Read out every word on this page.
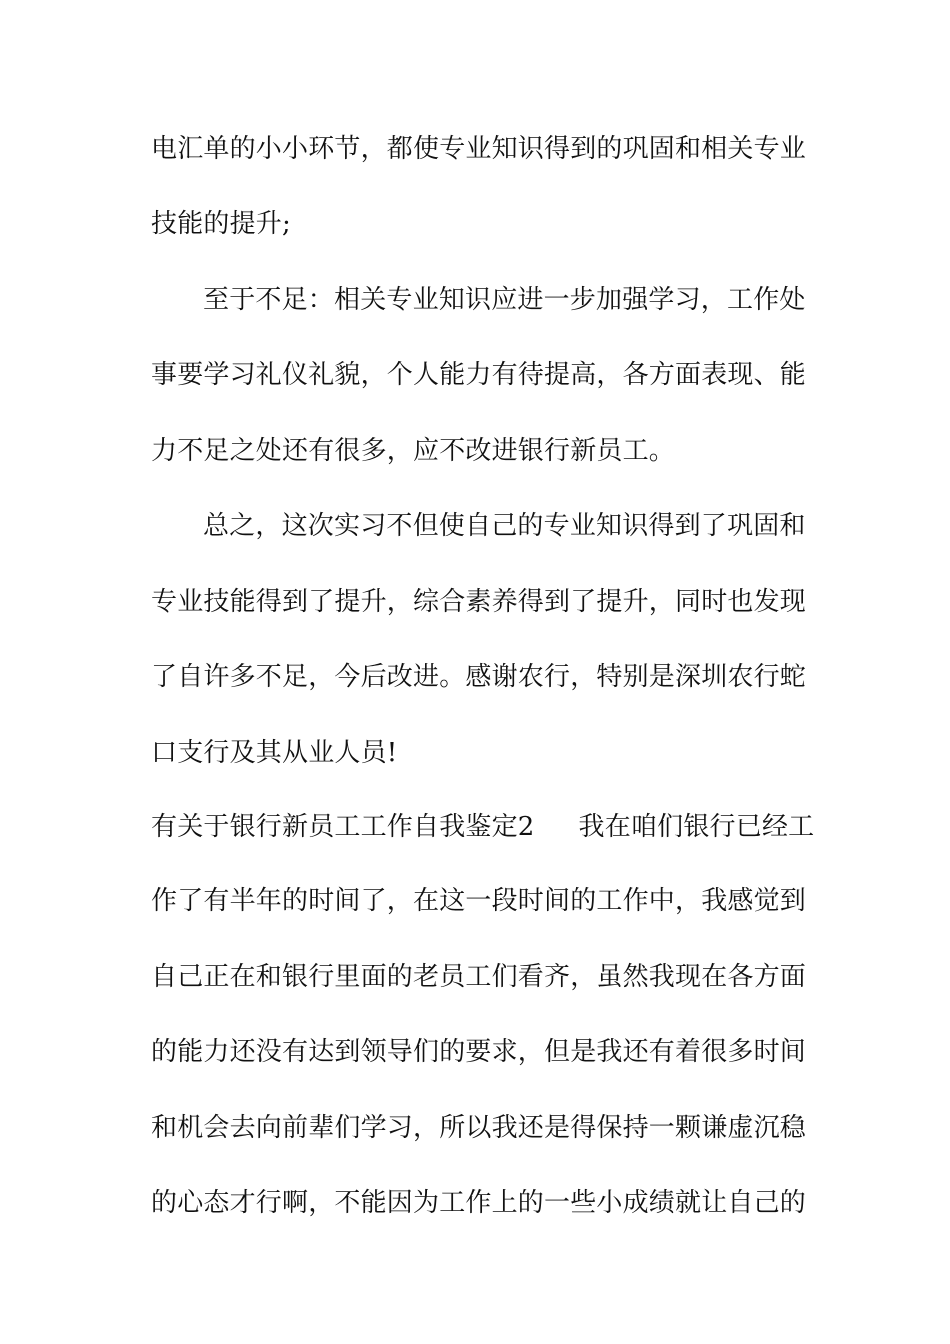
电汇单的小小环节，都使专业知识得到的巩固和相关专业
技能的提升;
至于不足：相关专业知识应进一步加强学习，工作处
事要学习礼仪礼貌，个人能力有待提高，各方面表现、能
力不足之处还有很多，应不改进银行新员工。
总之，这次实习不但使自己的专业知识得到了巩固和
专业技能得到了提升，综合素养得到了提升，同时也发现
了自许多不足，今后改进。感谢农行，特别是深圳农行蛇
口支行及其从业人员!
有关于银行新员工工作自我鉴定2 我在咱们银行已经工
作了有半年的时间了，在这一段时间的工作中，我感觉到
自己正在和银行里面的老员工们看齐，虽然我现在各方面
的能力还没有达到领导们的要求，但是我还有着很多时间
和机会去向前辈们学习，所以我还是得保持一颗谦虚沉稳
的心态才行啊，不能因为工作上的一些小成绩就让自己的
